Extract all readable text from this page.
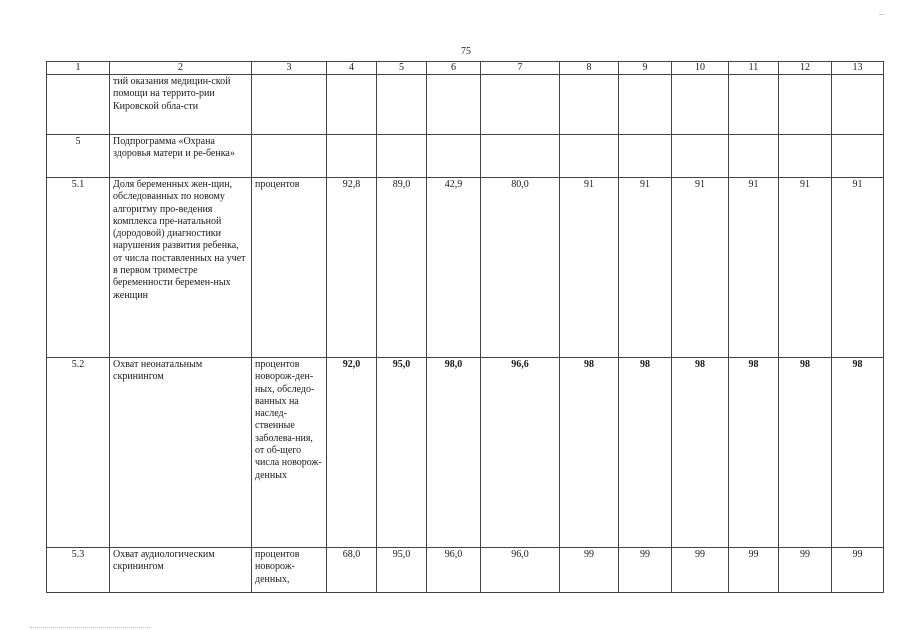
75
1	2	3	4	5	6	7	8	9	10	11	12	13
	тий оказания медицин-ской помощи на террито-рии Кировской обла-сти											
5	Подпрограмма «Охрана здоровья матери и ре-бенка»											
5.1	Доля беременных жен-щин, обследованных по новому алгоритму про-ведения комплекса пре-натальной (дородовой) диагностики нарушения развития ребенка, от числа поставленных на учет в первом триместре беременности беремен-ных женщин	процентов	92,8	89,0	42,9	80,0	91	91	91	91	91	91
5.2	Охват неонатальным скринингом	процентов новорож-ден-ных, обследо-ванных на наслед-ственные заболева-ния, от об-щего числа новорож-денных	92,0	95,0	98,0	96,6	98	98	98	98	98	98
5.3	Охват аудиологическим скринингом	процентов новорож-денных,	68,0	95,0	96,0	96,0	99	99	99	99	99	99
